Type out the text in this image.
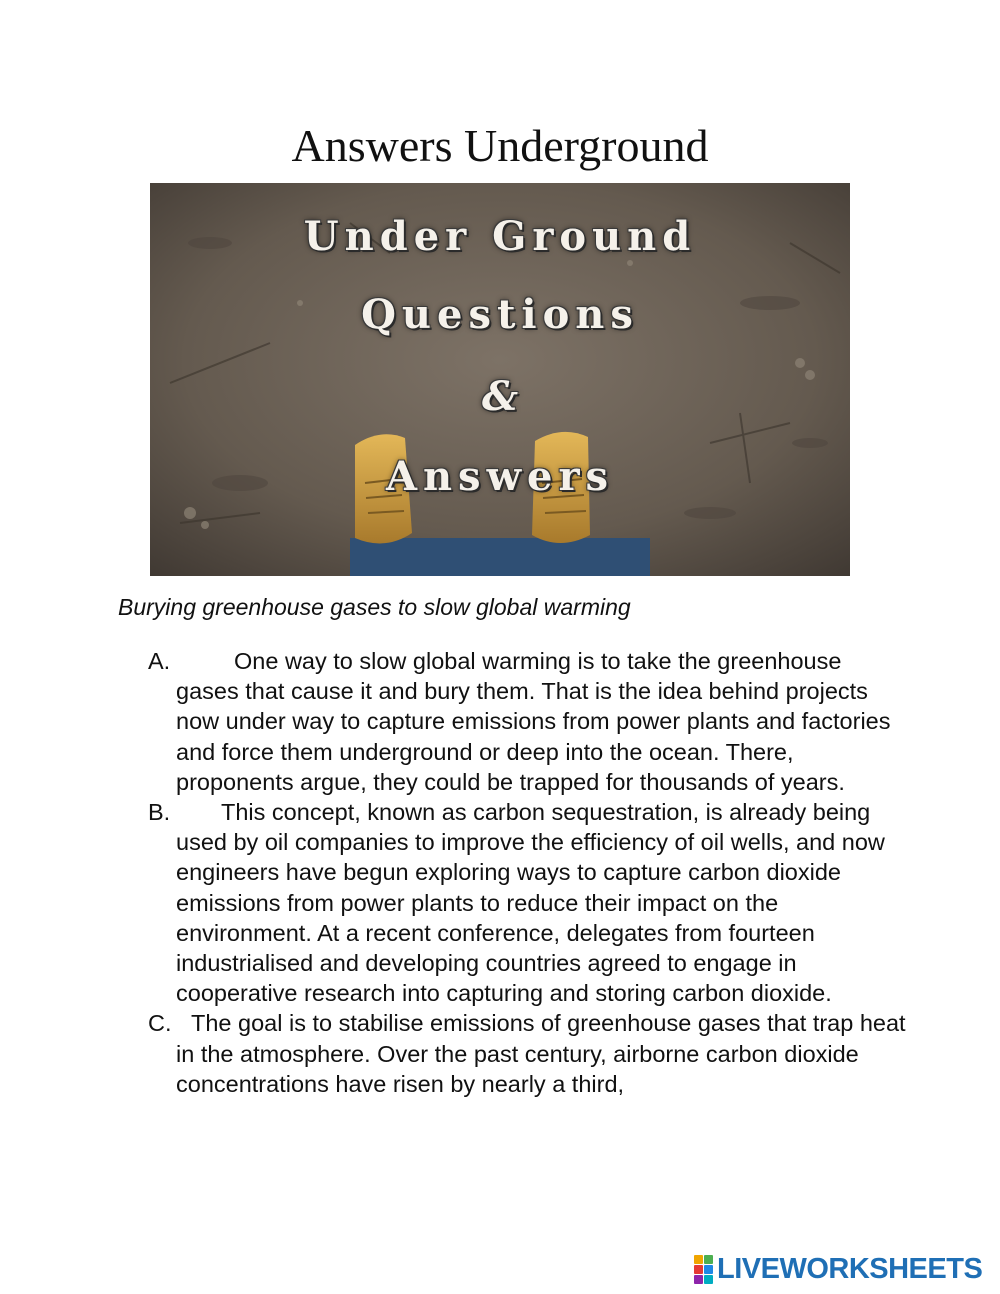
Answers Underground
Under Ground
Questions
&
Answers
Burying greenhouse gases to slow global warming
A.	One way to slow global warming is to take the greenhouse gases that cause it and bury them. That is the idea behind projects now under way to capture emissions from power plants and factories and force them underground or deep into the ocean. There, proponents argue, they could be trapped for thousands of years.
B. This concept, known as carbon sequestration, is already being used by oil companies to improve the efficiency of oil wells, and now engineers have begun exploring ways to capture carbon dioxide emissions from power plants to reduce their impact on the environment. At a recent conference, delegates from fourteen industrialised and developing countries agreed to engage in cooperative research into capturing and storing carbon dioxide.
C. The goal is to stabilise emissions of greenhouse gases that trap heat in the atmosphere. Over the past century, airborne carbon dioxide concentrations have risen by nearly a third,
LIVEWORKSHEETS
